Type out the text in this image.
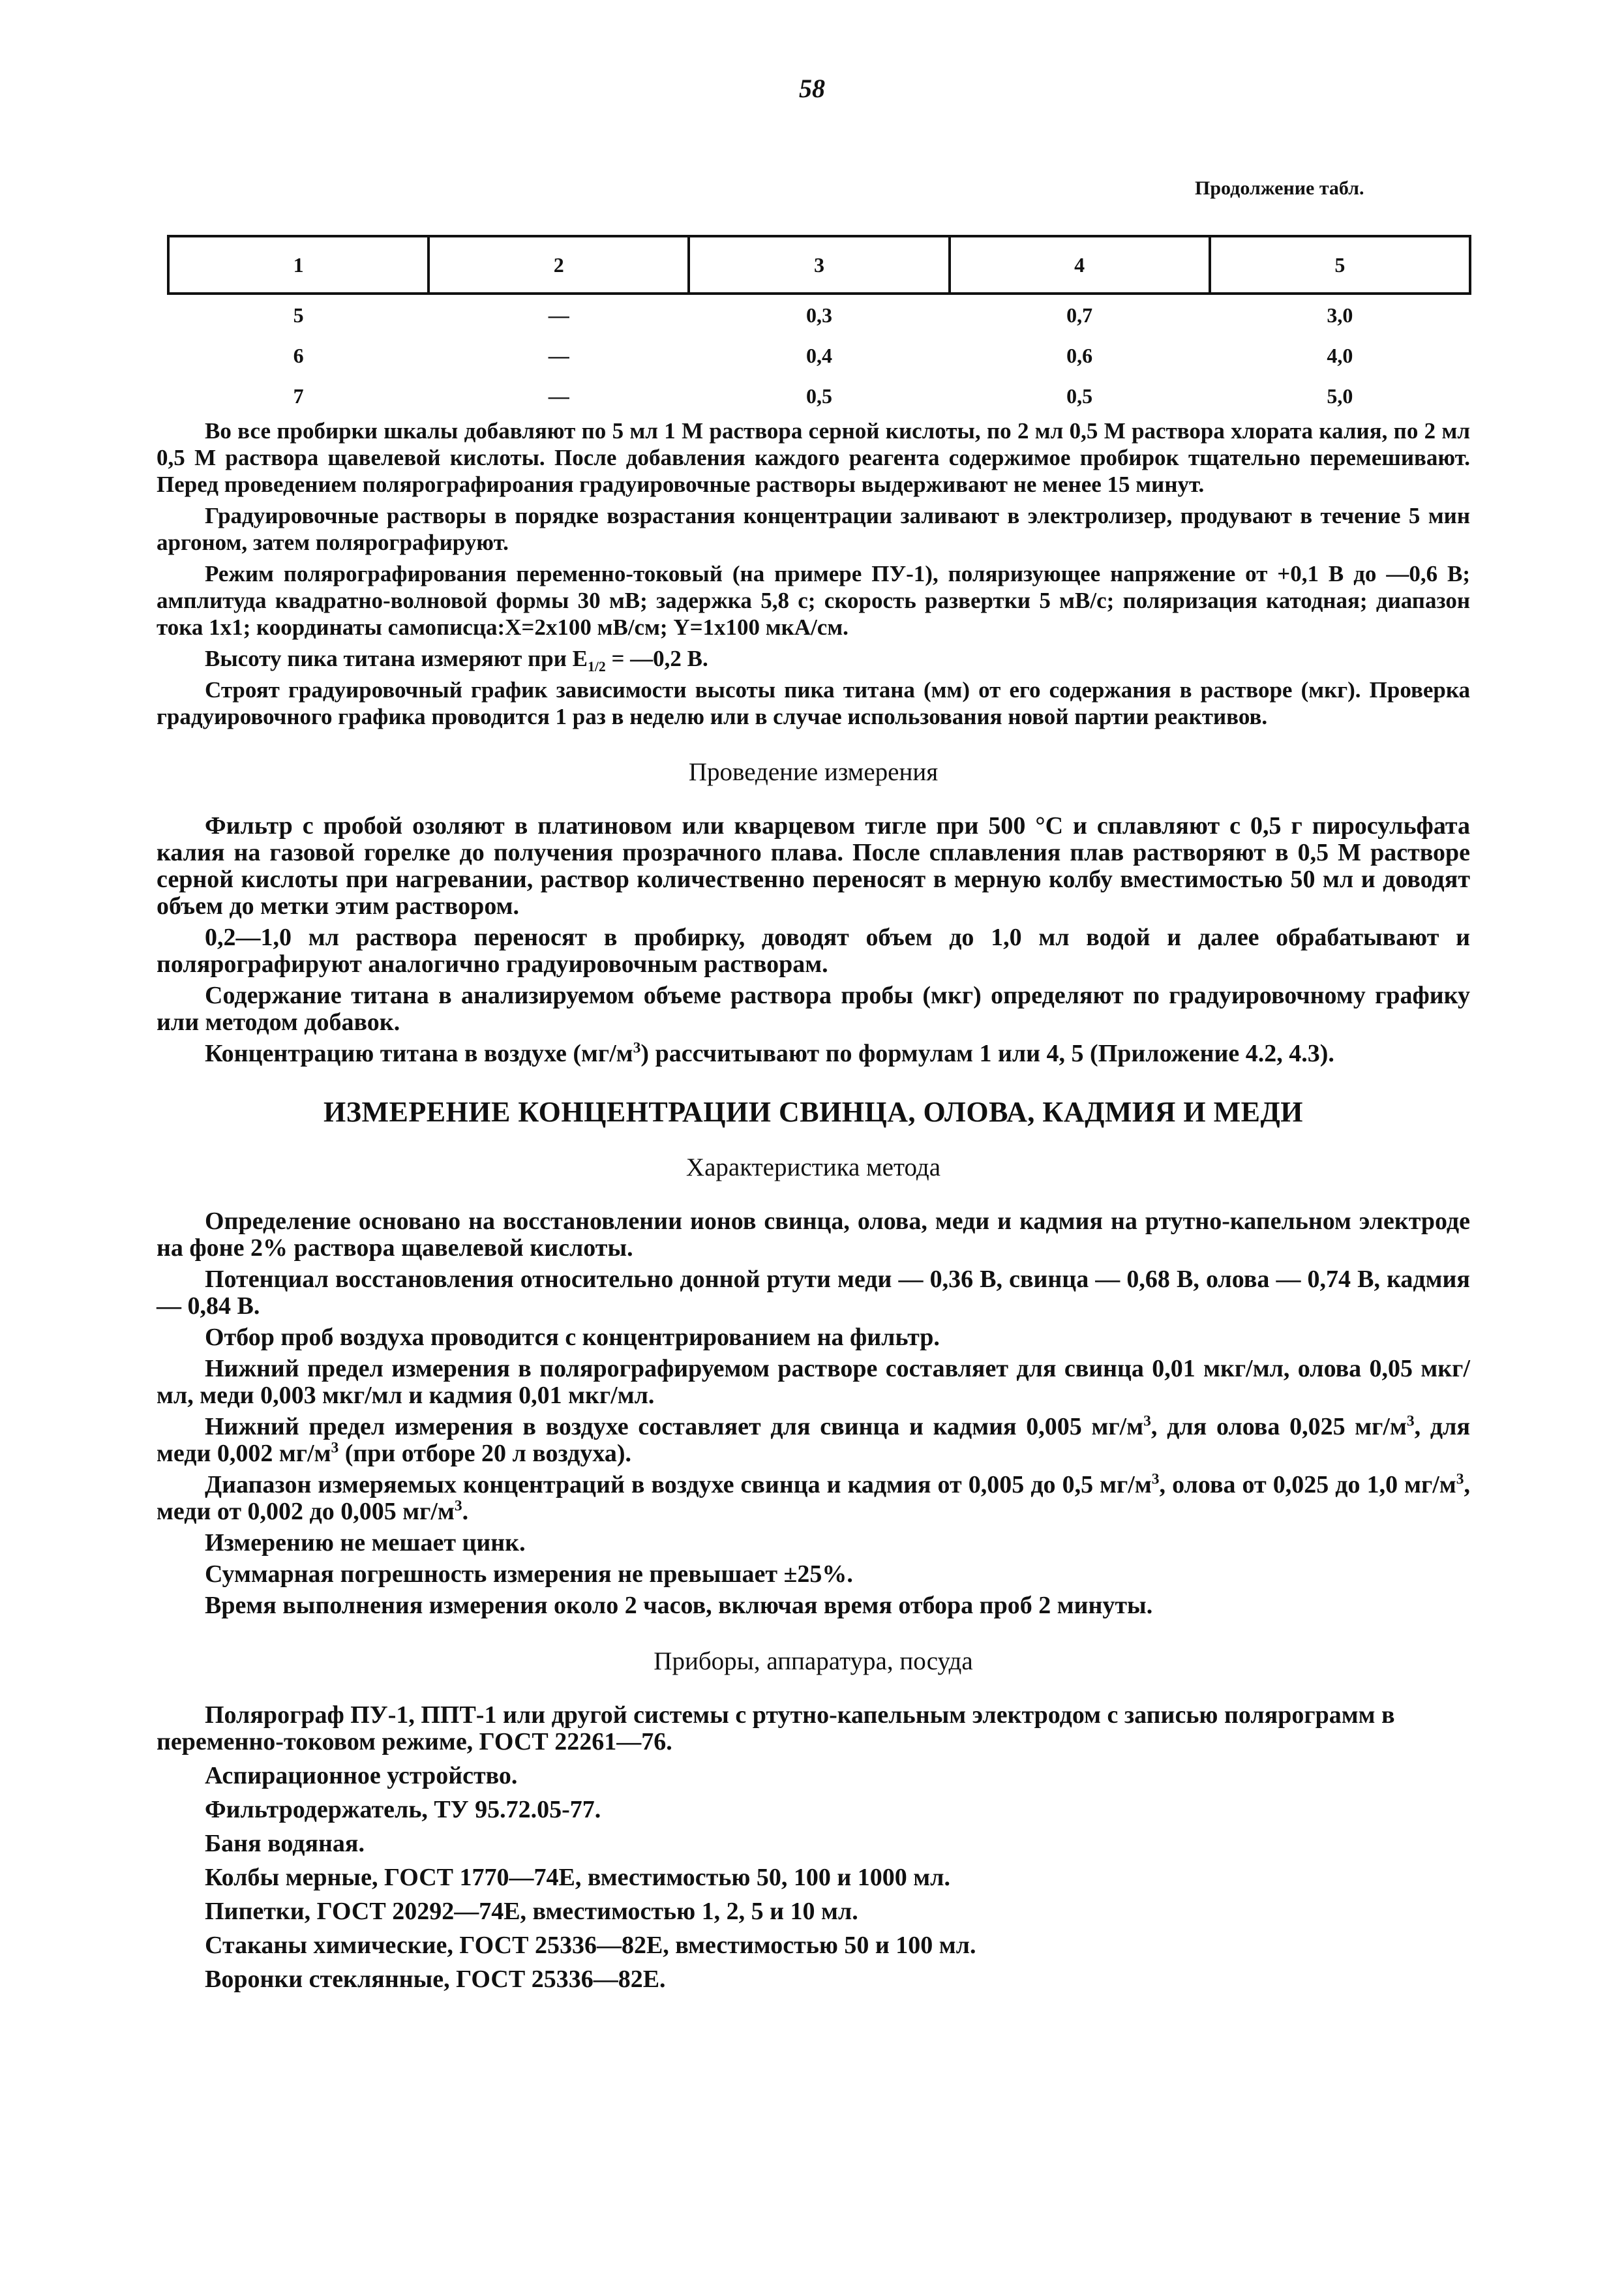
58
Продолжение табл.
1	2	3	4	5
5	—	0,3	0,7	3,0
6	—	0,4	0,6	4,0
7	—	0,5	0,5	5,0

Во все пробирки шкалы добавляют по 5 мл 1 М раствора серной кислоты, по 2 мл 0,5 М раствора хлората калия, по 2 мл 0,5 М раствора щавелевой кислоты. После добавления каждого реагента содержимое пробирок тщательно перемешивают. Перед проведением полярографироания градуировочные растворы выдерживают не менее 15 минут.

Градуировочные растворы в порядке возрастания концентрации заливают в электролизер, продувают в течение 5 мин аргоном, затем полярографируют.

Режим полярографирования переменно-токовый (на примере ПУ-1), поляризующее напряжение от +0,1 В до —0,6 В; амплитуда квадратно-волновой формы 30 мВ; задержка 5,8 с; скорость развертки 5 мВ/с; поляризация катодная; диапазон тока 1х1; координаты самописца:Х=2х100 мВ/см; Y=1х100 мкА/см.

Высоту пика титана измеряют при $Е_{1/2}$ = —0,2 В.

Строят градуировочный график зависимости высоты пика титана (мм) от его содержания в растворе (мкг). Проверка градуировочного графика проводится 1 раз в неделю или в случае использования новой партии реактивов.

Проведение измерения

Фильтр с пробой озоляют в платиновом или кварцевом тигле при 500 °С и сплавляют с 0,5 г пиросульфата калия на газовой горелке до получения прозрачного плава. После сплавления плав растворяют в 0,5 М растворе серной кислоты при нагревании, раствор количественно переносят в мерную колбу вместимостью 50 мл и доводят объем до метки этим раствором.

0,2—1,0 мл раствора переносят в пробирку, доводят объем до 1,0 мл водой и далее обрабатывают и полярографируют аналогично градуировочным растворам.

Содержание титана в анализируемом объеме раствора пробы (мкг) определяют по градуировочному графику или методом добавок.

Концентрацию титана в воздухе $(мг/м^3)$ рассчитывают по формулам 1 или 4, 5 (Приложение 4.2, 4.3).

ИЗМЕРЕНИЕ КОНЦЕНТРАЦИИ СВИНЦА, ОЛОВА, КАДМИЯ И МЕДИ
Характеристика метода

Определение основано на восстановлении ионов свинца, олова, меди и кадмия на ртутно-капельном электроде на фоне 2% раствора щавелевой кислоты.

Потенциал восстановления относительно донной ртути меди — 0,36 В, свинца — 0,68 В, олова — 0,74 В, кадмия — 0,84 В.

Отбор проб воздуха проводится с концентрированием на фильтр.

Нижний предел измерения в полярографируемом растворе составляет для свинца 0,01 мкг/мл, олова 0,05 мкг/мл, меди 0,003 мкг/мл и кадмия 0,01 мкг/мл.

Нижний предел измерения в воздухе составляет для свинца и кадмия 0,005 $мг/м^3$, для олова 0,025 $мг/м^3$, для меди 0,002 $мг/м^3$ (при отборе 20 л воздуха).

Диапазон измеряемых концентраций в воздухе свинца и кадмия от 0,005 до 0,5 $мг/м^3$, олова от 0,025 до 1,0 $мг/м^3$, меди от 0,002 до 0,005 $мг/м^3$.

Измерению не мешает цинк.

Суммарная погрешность измерения не превышает ±25%.

Время выполнения измерения около 2 часов, включая время отбора проб 2 минуты.

Приборы, аппаратура, посуда
Полярограф ПУ-1, ППТ-1 или другой системы с ртутно-капельным электродом с записью полярограмм в переменно-токовом режиме, ГОСТ 22261—76.
Аспирационное устройство.
Фильтродержатель, ТУ 95.72.05-77.
Баня водяная.
Колбы мерные, ГОСТ 1770—74Е, вместимостью 50, 100 и 1000 мл.
Пипетки, ГОСТ 20292—74Е, вместимостью 1, 2, 5 и 10 мл.
Стаканы химические, ГОСТ 25336—82Е, вместимостью 50 и 100 мл.
Воронки стеклянные, ГОСТ 25336—82Е.
